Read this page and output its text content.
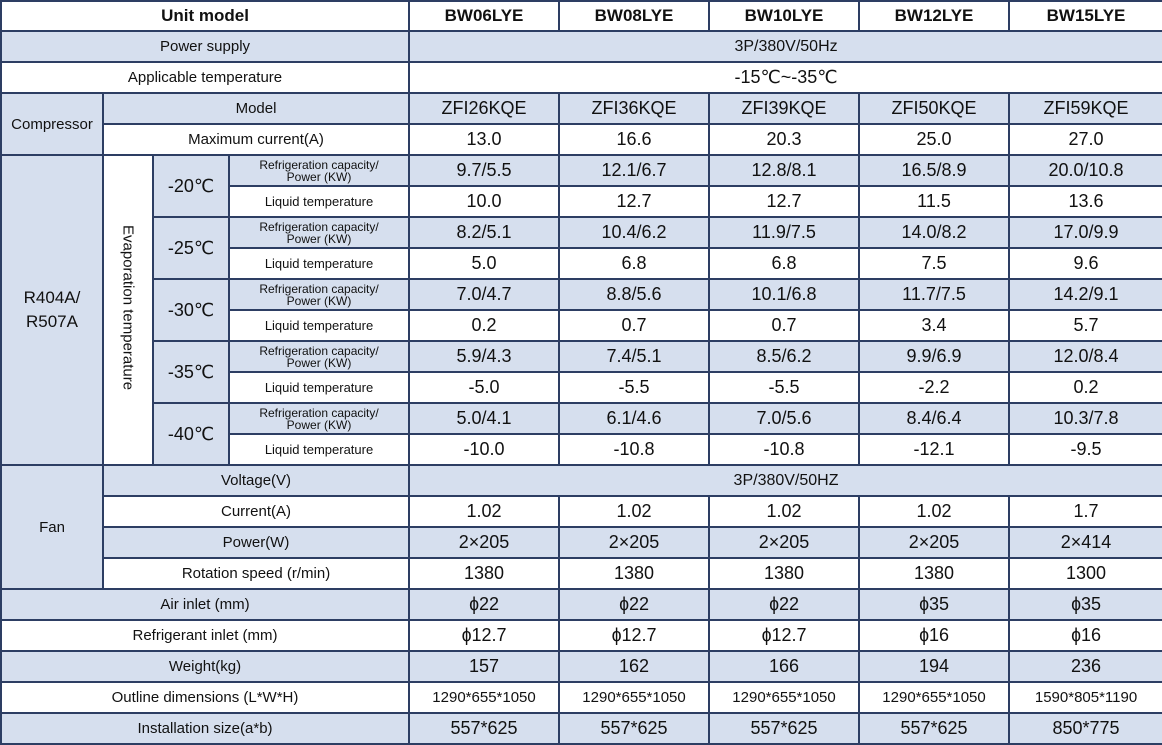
Unit model				BW06LYE	BW08LYE	BW10LYE	BW12LYE	BW15LYE
Power supply				3P/380V/50Hz				
Applicable temperature				-15℃~-35℃				
Compressor	Model			ZFI26KQE	ZFI36KQE	ZFI39KQE	ZFI50KQE	ZFI59KQE
	Maximum current(A)			13.0	16.6	20.3	25.0	27.0
R404A/
R507A	Evaporation temperature	-20℃	Refrigeration capacity/
Power (KW)	9.7/5.5	12.1/6.7	12.8/8.1	16.5/8.9	20.0/10.8
			Liquid temperature	10.0	12.7	12.7	11.5	13.6
		-25℃	Refrigeration capacity/
Power (KW)	8.2/5.1	10.4/6.2	11.9/7.5	14.0/8.2	17.0/9.9
			Liquid temperature	5.0	6.8	6.8	7.5	9.6
		-30℃	Refrigeration capacity/
Power (KW)	7.0/4.7	8.8/5.6	10.1/6.8	11.7/7.5	14.2/9.1
			Liquid temperature	0.2	0.7	0.7	3.4	5.7
		-35℃	Refrigeration capacity/
Power (KW)	5.9/4.3	7.4/5.1	8.5/6.2	9.9/6.9	12.0/8.4
			Liquid temperature	-5.0	-5.5	-5.5	-2.2	0.2
		-40℃	Refrigeration capacity/
Power (KW)	5.0/4.1	6.1/4.6	7.0/5.6	8.4/6.4	10.3/7.8
			Liquid temperature	-10.0	-10.8	-10.8	-12.1	-9.5
Fan	Voltage(V)			3P/380V/50HZ				
	Current(A)			1.02	1.02	1.02	1.02	1.7
	Power(W)			2×205	2×205	2×205	2×205	2×414
	Rotation speed (r/min)			1380	1380	1380	1380	1300
Air inlet (mm)				ɸ22	ɸ22	ɸ22	ɸ35	ɸ35
Refrigerant inlet (mm)				ɸ12.7	ɸ12.7	ɸ12.7	ɸ16	ɸ16
Weight(kg)				157	162	166	194	236
Outline dimensions (L*W*H)				1290*655*1050	1290*655*1050	1290*655*1050	1290*655*1050	1590*805*1190
Installation size(a*b)				557*625	557*625	557*625	557*625	850*775
